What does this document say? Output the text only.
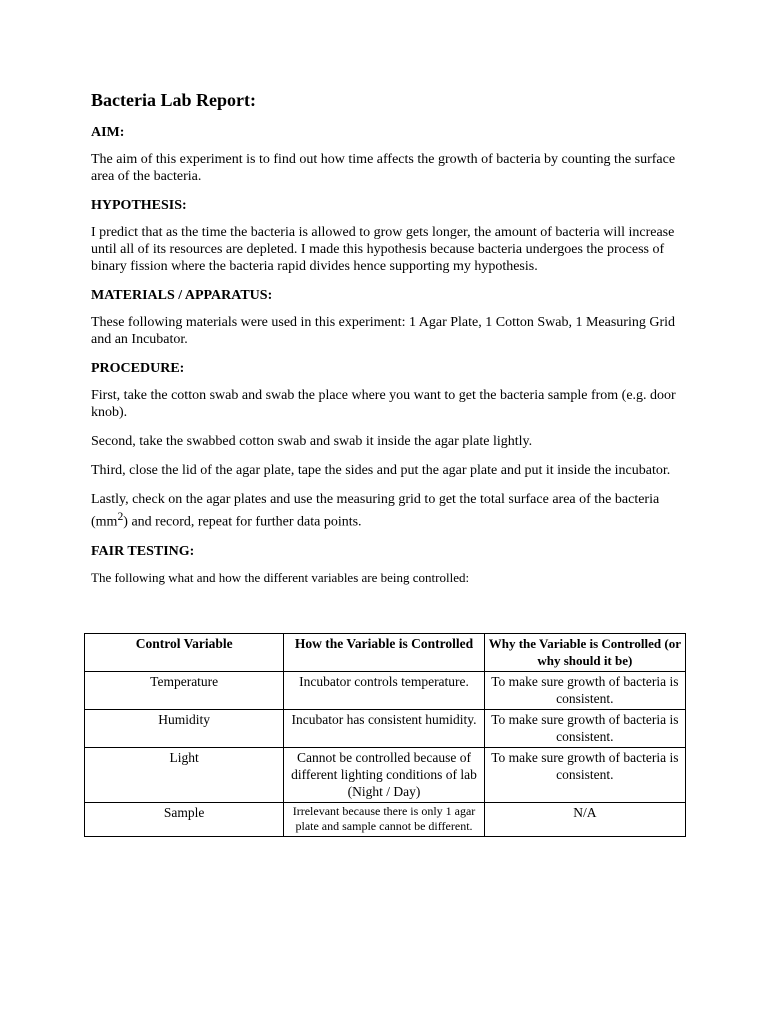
Bacteria Lab Report:
AIM:

The aim of this experiment is to find out how time affects the growth of bacteria by counting the surface area of the bacteria.

HYPOTHESIS:

I predict that as the time the bacteria is allowed to grow gets longer, the amount of bacteria will increase until all of its resources are depleted. I made this hypothesis because bacteria undergoes the process of binary fission where the bacteria rapid divides hence supporting my hypothesis.

MATERIALS / APPARATUS:

These following materials were used in this experiment: 1 Agar Plate, 1 Cotton Swab, 1 Measuring Grid and an Incubator.

PROCEDURE:

First, take the cotton swab and swab the place where you want to get the bacteria sample from (e.g. door knob).

Second, take the swabbed cotton swab and swab it inside the agar plate lightly.

Third, close the lid of the agar plate, tape the sides and put the agar plate and put it inside the incubator.

Lastly, check on the agar plates and use the measuring grid to get the total surface area of the bacteria $(mm^2)$ and record, repeat for further data points.

FAIR TESTING:

The following what and how the different variables are being controlled:

Control Variable	How the Variable is Controlled	Why the Variable is Controlled (or why should it be)
Temperature	Incubator controls temperature.	To make sure growth of bacteria is consistent.
Humidity	Incubator has consistent humidity.	To make sure growth of bacteria is consistent.
Light	Cannot be controlled because of different lighting conditions of lab (Night / Day)	To make sure growth of bacteria is consistent.
Sample	Irrelevant because there is only 1 agar plate and sample cannot be different.	N/A
